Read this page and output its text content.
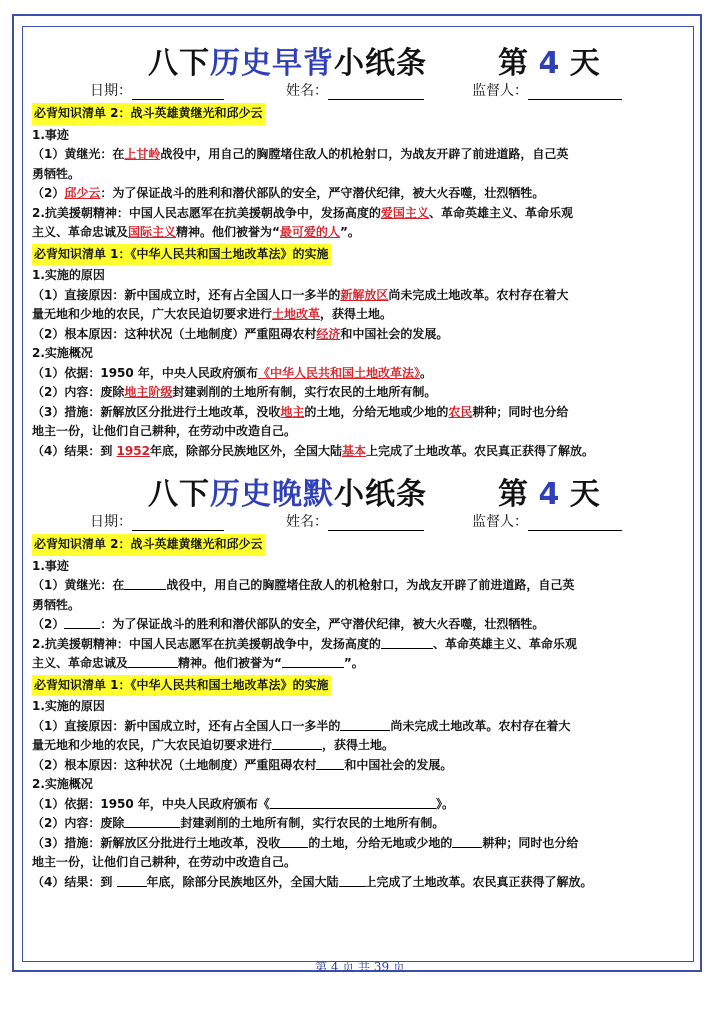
八下历史早背小纸条 第 4 天
日期：	姓名：	监督人：
必背知识清单 2：战斗英雄黄继光和邱少云
1.事迹
（1）黄继光：在上甘岭战役中，用自己的胸膛堵住敌人的机枪射口，为战友开辟了前进道路，自己英
勇牺牲。
（2）邱少云：为了保证战斗的胜利和潜伏部队的安全，严守潜伏纪律，被大火吞噬，壮烈牺牲。
2.抗美援朝精神：中国人民志愿军在抗美援朝战争中，发扬高度的爱国主义、革命英雄主义、革命乐观
主义、革命忠诚及国际主义精神。他们被誉为“最可爱的人”。
必背知识清单 1：《中华人民共和国土地改革法》的实施
1.实施的原因
（1）直接原因：新中国成立时，还有占全国人口一多半的新解放区尚未完成土地改革。农村存在着大
量无地和少地的农民，广大农民迫切要求进行土地改革，获得土地。
（2）根本原因：这种状况（土地制度）严重阻碍农村经济和中国社会的发展。
2.实施概况
（1）依据：1950 年，中央人民政府颁布《中华人民共和国土地改革法》。
（2）内容：废除地主阶级封建剥削的土地所有制，实行农民的土地所有制。
（3）措施：新解放区分批进行土地改革，没收地主的土地，分给无地或少地的农民耕种；同时也分给
地主一份，让他们自己耕种，在劳动中改造自己。
（4）结果：到 1952年底，除部分民族地区外，全国大陆基本上完成了土地改革。农民真正获得了解放。
八下历史晚默小纸条 第 4 天
日期：	姓名：	监督人：
必背知识清单 2：战斗英雄黄继光和邱少云
1.事迹
（1）黄继光：在	战役中，用自己的胸膛堵住敌人的机枪射口，为战友开辟了前进道路，自己英
勇牺牲。
（2）	：为了保证战斗的胜利和潜伏部队的安全，严守潜伏纪律，被大火吞噬，壮烈牺牲。
2.抗美援朝精神：中国人民志愿军在抗美援朝战争中，发扬高度的	、革命英雄主义、革命乐观
主义、革命忠诚及	精神。他们被誉为“	”。
必背知识清单 1：《中华人民共和国土地改革法》的实施
1.实施的原因
（1）直接原因：新中国成立时，还有占全国人口一多半的	尚未完成土地改革。农村存在着大
量无地和少地的农民，广大农民迫切要求进行	，获得土地。
（2）根本原因：这种状况（土地制度）严重阻碍农村 和中国社会的发展。
2.实施概况
（1）依据：1950 年，中央人民政府颁布《	》。
（2）内容：废除	封建剥削的土地所有制，实行农民的土地所有制。
（3）措施：新解放区分批进行土地改革，没收 的土地，分给无地或少地的	耕种；同时也分给
地主一份，让他们自己耕种，在劳动中改造自己。
（4）结果：到	年底，除部分民族地区外，全国大陆 上完成了土地改革。农民真正获得了解放。
第 4 页 共 39 页
